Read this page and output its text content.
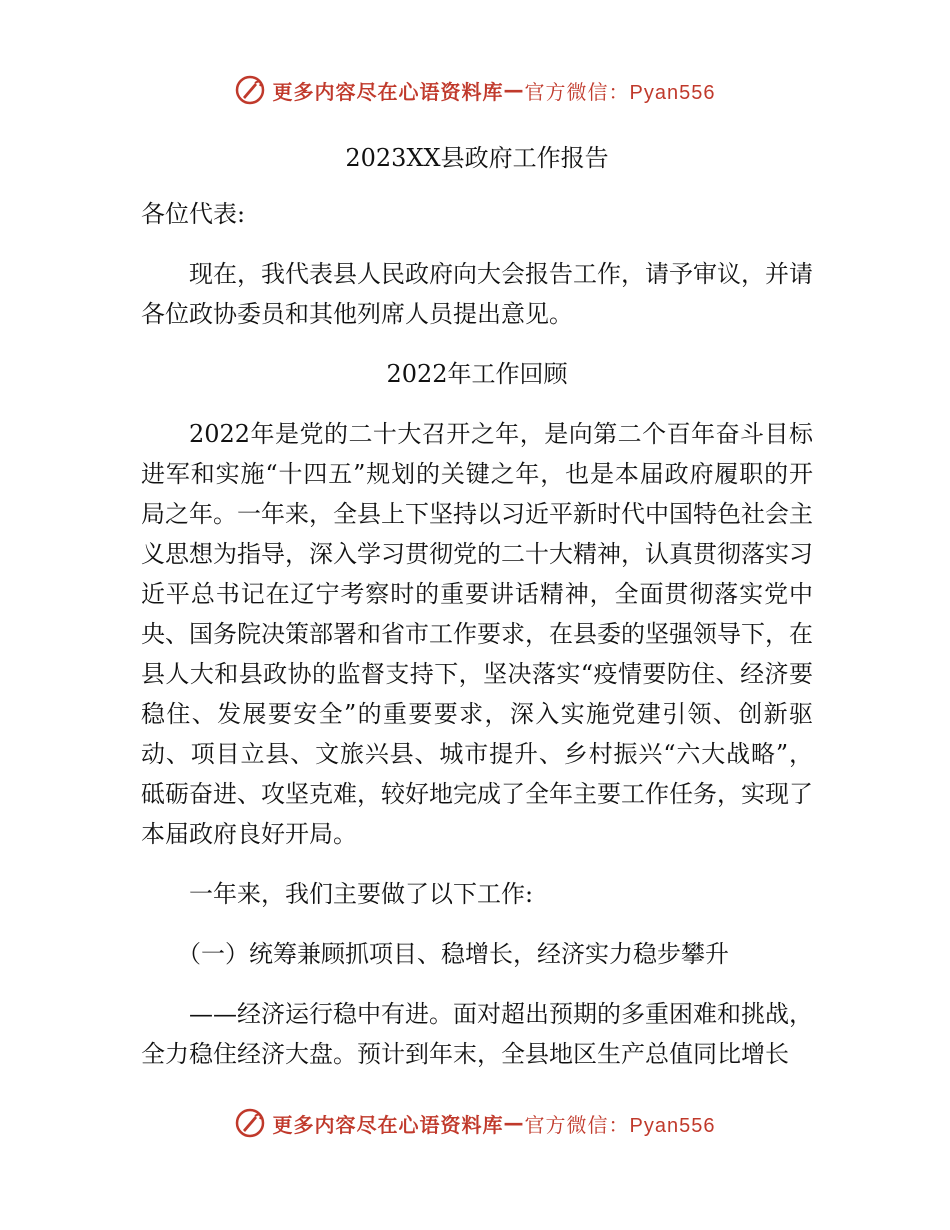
更多内容尽在心语资料库 — 官方微信：Pyan556

2023XX县政府工作报告

各位代表:

现在，我代表县人民政府向大会报告工作，请予审议，并请各位政协委员和其他列席人员提出意见。

2022年工作回顾

2022年是党的二十大召开之年，是向第二个百年奋斗目标进军和实施“十四五”规划的关键之年，也是本届政府履职的开局之年。一年来，全县上下坚持以习近平新时代中国特色社会主义思想为指导，深入学习贯彻党的二十大精神，认真贯彻落实习近平总书记在辽宁考察时的重要讲话精神，全面贯彻落实党中央、国务院决策部署和省市工作要求，在县委的坚强领导下，在县人大和县政协的监督支持下，坚决落实“疫情要防住、经济要稳住、发展要安全”的重要要求，深入实施党建引领、创新驱动、项目立县、文旅兴县、城市提升、乡村振兴“六大战略”，砥砺奋进、攻坚克难，较好地完成了全年主要工作任务，实现了本届政府良好开局。

一年来，我们主要做了以下工作:

（一）统筹兼顾抓项目、稳增长，经济实力稳步攀升

——经济运行稳中有进。面对超出预期的多重困难和挑战，全力稳住经济大盘。预计到年末，全县地区生产总值同比增长

更多内容尽在心语资料库 — 官方微信：Pyan556
